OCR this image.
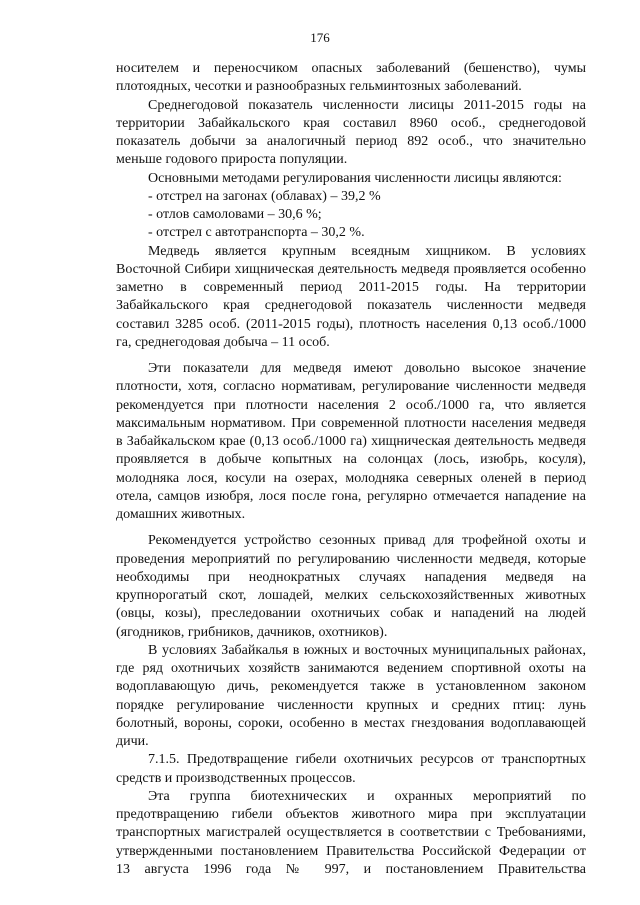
176
носителем и переносчиком опасных заболеваний (бешенство), чумы
плотоядных, чесотки и разнообразных гельминтозных заболеваний.
Среднегодовой показатель численности лисицы 2011-2015 годы на
территории Забайкальского края составил 8960 особ., среднегодовой
показатель добычи за аналогичный период 892 особ., что значительно
меньше годового прироста популяции.
Основными методами регулирования численности лисицы являются:
- отстрел на загонах (облавах) – 39,2 %
- отлов самоловами – 30,6 %;
- отстрел с автотранспорта – 30,2 %.
Медведь является крупным всеядным хищником. В условиях
Восточной Сибири хищническая деятельность медведя проявляется особенно
заметно в современный период 2011-2015 годы. На территории
Забайкальского края среднегодовой показатель численности медведя
составил 3285 особ. (2011-2015 годы), плотность населения 0,13 особ./1000
га, среднегодовая добыча – 11 особ.
Эти показатели для медведя имеют довольно высокое значение
плотности, хотя, согласно нормативам, регулирование численности медведя
рекомендуется при плотности населения 2 особ./1000 га, что является
максимальным нормативом. При современной плотности населения медведя
в Забайкальском крае (0,13 особ./1000 га) хищническая деятельность медведя
проявляется в добыче копытных на солонцах (лось, изюбрь, косуля),
молодняка лося, косули на озерах, молодняка северных оленей в период
отела, самцов изюбря, лося после гона, регулярно отмечается нападение на
домашних животных.
Рекомендуется устройство сезонных привад для трофейной охоты и
проведения мероприятий по регулированию численности медведя, которые
необходимы при неоднократных случаях нападения медведя на
крупнорогатый скот, лошадей, мелких сельскохозяйственных животных
(овцы, козы), преследовании охотничьих собак и нападений на людей
(ягодников, грибников, дачников, охотников).
В условиях Забайкалья в южных и восточных муниципальных районах,
где ряд охотничьих хозяйств занимаются ведением спортивной охоты на
водоплавающую дичь, рекомендуется также в установленном законом
порядке регулирование численности крупных и средних птиц: лунь
болотный, вороны, сороки, особенно в местах гнездования водоплавающей
дичи.
7.1.5. Предотвращение гибели охотничьих ресурсов от транспортных
средств и производственных процессов.
Эта группа биотехнических и охранных мероприятий по
предотвращению гибели объектов животного мира при эксплуатации
транспортных магистралей осуществляется в соответствии с Требованиями,
утвержденными постановлением Правительства Российской Федерации от
13 августа 1996 года № 997, и постановлением Правительства
